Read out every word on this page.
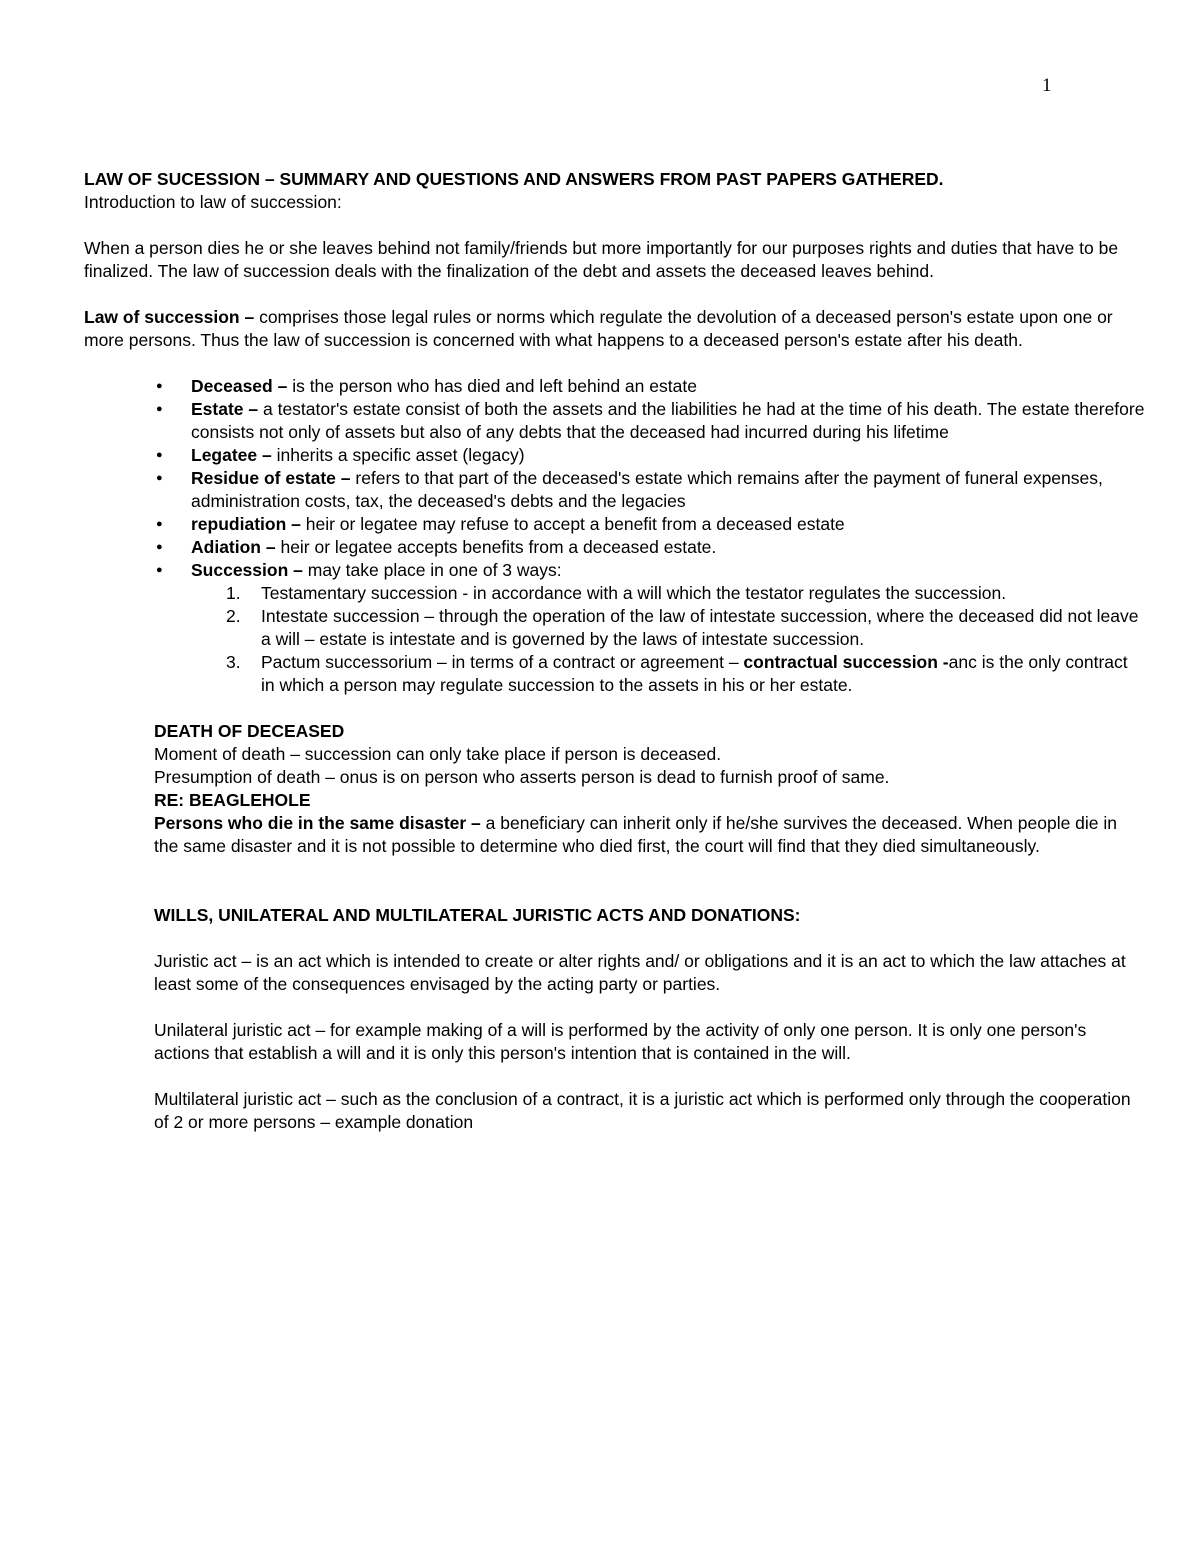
1

LAW OF SUCESSION – SUMMARY AND QUESTIONS AND ANSWERS FROM PAST PAPERS GATHERED.

Introduction to law of succession:

When a person dies he or she leaves behind not family/friends but more importantly for our purposes rights and duties that have to be finalized. The law of succession deals with the finalization of the debt and assets the deceased leaves behind.

Law of succession – comprises those legal rules or norms which regulate the devolution of a deceased person's estate upon one or more persons. Thus the law of succession is concerned with what happens to a deceased person's estate after his death.

● Deceased – is the person who has died and left behind an estate
● Estate – a testator's estate consist of both the assets and the liabilities he had at the time of his death. The estate therefore consists not only of assets but also of any debts that the deceased had incurred during his lifetime
● Legatee – inherits a specific asset (legacy)
● Residue of estate – refers to that part of the deceased's estate which remains after the payment of funeral expenses, administration costs, tax, the deceased's debts and the legacies
● repudiation – heir or legatee may refuse to accept a benefit from a deceased estate
● Adiation – heir or legatee accepts benefits from a deceased estate.
● Succession – may take place in one of 3 ways:
1. Testamentary succession - in accordance with a will which the testator regulates the succession.
2. Intestate succession – through the operation of the law of intestate succession, where the deceased did not leave a will – estate is intestate and is governed by the laws of intestate succession.
3. Pactum successorium – in terms of a contract or agreement – contractual succession -anc is the only contract in which a person may regulate succession to the assets in his or her estate.

DEATH OF DECEASED

Moment of death – succession can only take place if person is deceased.

Presumption of death – onus is on person who asserts person is dead to furnish proof of same.

RE: BEAGLEHOLE

Persons who die in the same disaster – a beneficiary can inherit only if he/she survives the deceased. When people die in the same disaster and it is not possible to determine who died first, the court will find that they died simultaneously.

WILLS, UNILATERAL AND MULTILATERAL JURISTIC ACTS AND DONATIONS:

Juristic act – is an act which is intended to create or alter rights and/ or obligations and it is an act to which the law attaches at least some of the consequences envisaged by the acting party or parties.

Unilateral juristic act – for example making of a will is performed by the activity of only one person. It is only one person's actions that establish a will and it is only this person's intention that is contained in the will.

Multilateral juristic act – such as the conclusion of a contract, it is a juristic act which is performed only through the cooperation of 2 or more persons – example donation
